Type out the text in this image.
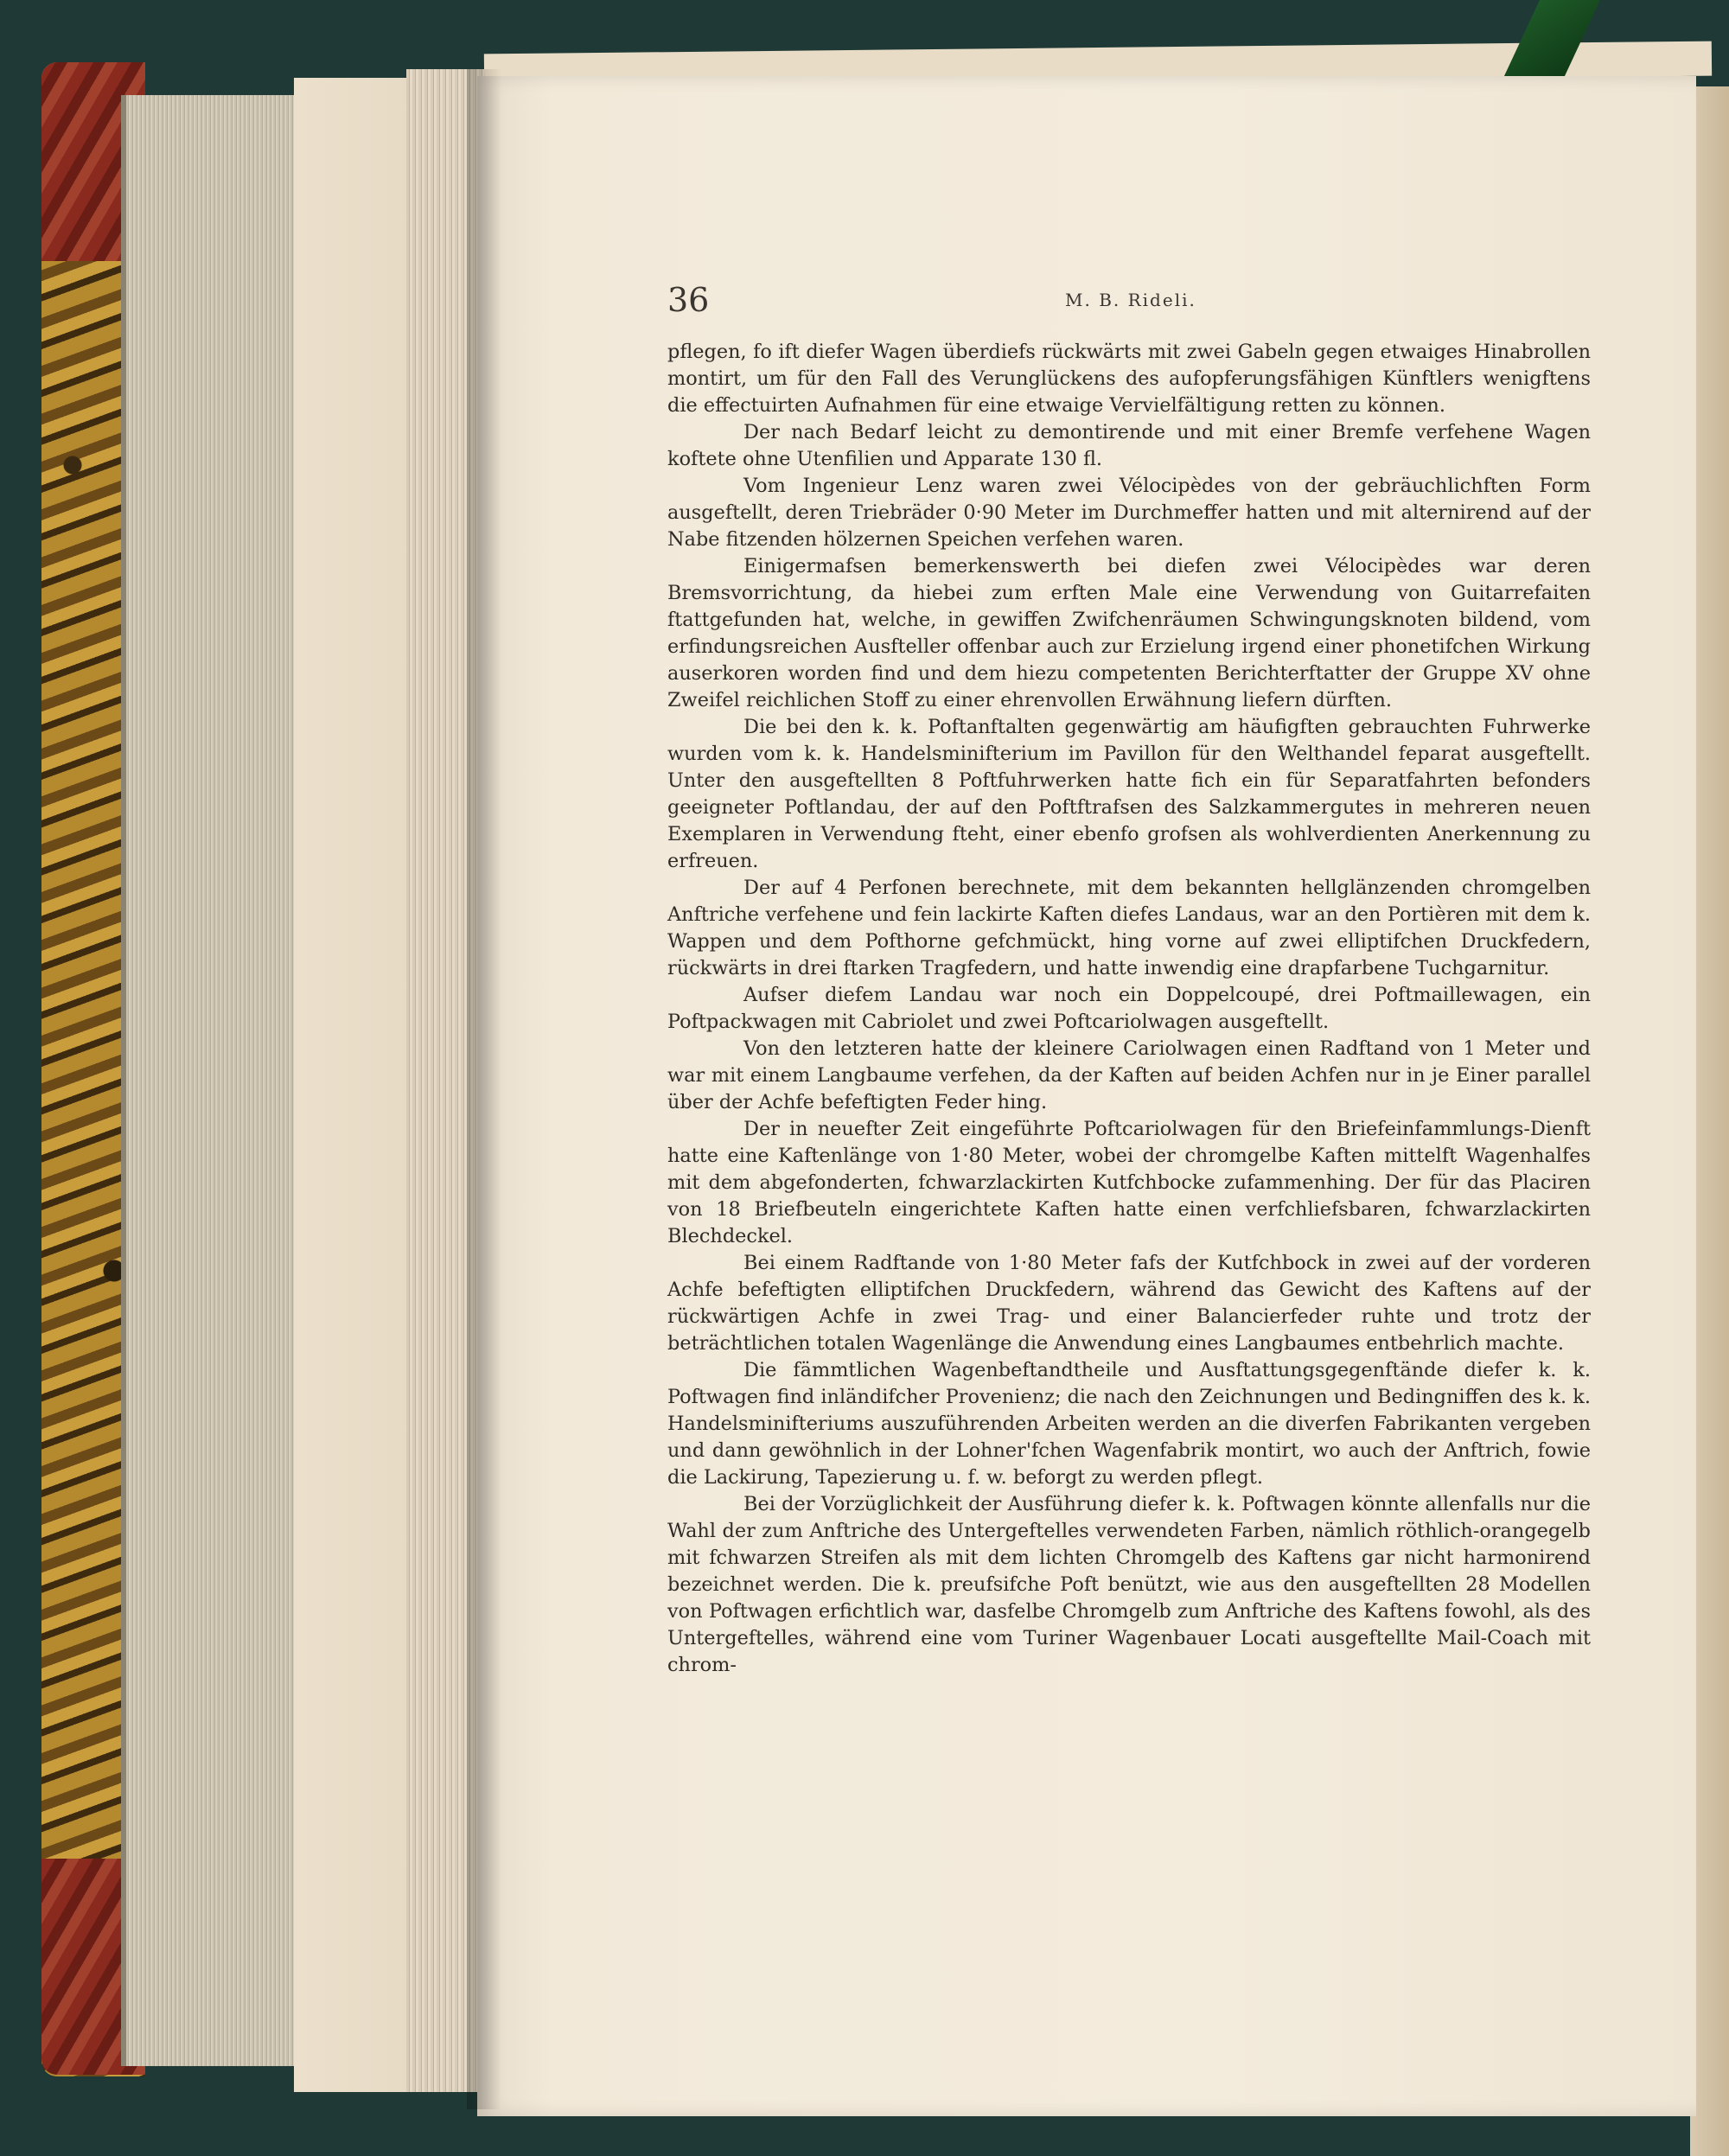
36	M. B. Rideli.

pflegen, fo ift diefer Wagen überdiefs rückwärts mit zwei Gabeln gegen etwaiges Hinabrollen montirt, um für den Fall des Verunglückens des aufopferungsfähigen Künftlers wenigftens die effectuirten Aufnahmen für eine etwaige Vervielfältigung retten zu können.

Der nach Bedarf leicht zu demontirende und mit einer Bremfe verfehene Wagen koftete ohne Utenfilien und Apparate 130 fl.

Vom Ingenieur Lenz waren zwei Vélocipèdes von der gebräuchlichften Form ausgeftellt, deren Triebräder 0·90 Meter im Durchmeffer hatten und mit alternirend auf der Nabe fitzenden hölzernen Speichen verfehen waren.

Einigermafsen bemerkenswerth bei diefen zwei Vélocipèdes war deren Bremsvorrichtung, da hiebei zum erften Male eine Verwendung von Guitarrefaiten ftattgefunden hat, welche, in gewiffen Zwifchenräumen Schwingungsknoten bildend, vom erfindungsreichen Ausfteller offenbar auch zur Erzielung irgend einer phonetifchen Wirkung auserkoren worden find und dem hiezu competenten Berichterftatter der Gruppe XV ohne Zweifel reichlichen Stoff zu einer ehrenvollen Erwähnung liefern dürften.

Die bei den k. k. Poftanftalten gegenwärtig am häufigften gebrauchten Fuhrwerke wurden vom k. k. Handelsminifterium im Pavillon für den Welthandel feparat ausgeftellt. Unter den ausgeftellten 8 Poftfuhrwerken hatte fich ein für Separatfahrten befonders geeigneter Poftlandau, der auf den Poftftrafsen des Salzkammergutes in mehreren neuen Exemplaren in Verwendung fteht, einer ebenfo grofsen als wohlverdienten Anerkennung zu erfreuen.

Der auf 4 Perfonen berechnete, mit dem bekannten hellglänzenden chromgelben Anftriche verfehene und fein lackirte Kaften diefes Landaus, war an den Portièren mit dem k. Wappen und dem Pofthorne gefchmückt, hing vorne auf zwei elliptifchen Druckfedern, rückwärts in drei ftarken Tragfedern, und hatte inwendig eine drapfarbene Tuchgarnitur.

Aufser diefem Landau war noch ein Doppelcoupé, drei Poftmaillewagen, ein Poftpackwagen mit Cabriolet und zwei Poftcariolwagen ausgeftellt.

Von den letzteren hatte der kleinere Cariolwagen einen Radftand von 1 Meter und war mit einem Langbaume verfehen, da der Kaften auf beiden Achfen nur in je Einer parallel über der Achfe befeftigten Feder hing.

Der in neuefter Zeit eingeführte Poftcariolwagen für den Briefeinfammlungs-Dienft hatte eine Kaftenlänge von 1·80 Meter, wobei der chromgelbe Kaften mittelft Wagenhalfes mit dem abgefonderten, fchwarzlackirten Kutfchbocke zufammenhing. Der für das Placiren von 18 Briefbeuteln eingerichtete Kaften hatte einen verfchliefsbaren, fchwarzlackirten Blechdeckel.

Bei einem Radftande von 1·80 Meter fafs der Kutfchbock in zwei auf der vorderen Achfe befeftigten elliptifchen Druckfedern, während das Gewicht des Kaftens auf der rückwärtigen Achfe in zwei Trag- und einer Balancierfeder ruhte und trotz der beträchtlichen totalen Wagenlänge die Anwendung eines Langbaumes entbehrlich machte.

Die fämmtlichen Wagenbeftandtheile und Ausftattungsgegenftände diefer k. k. Poftwagen find inländifcher Provenienz; die nach den Zeichnungen und Bedingniffen des k. k. Handelsminifteriums auszuführenden Arbeiten werden an die diverfen Fabrikanten vergeben und dann gewöhnlich in der Lohner'fchen Wagenfabrik montirt, wo auch der Anftrich, fowie die Lackirung, Tapezierung u. f. w. beforgt zu werden pflegt.

Bei der Vorzüglichkeit der Ausführung diefer k. k. Poftwagen könnte allenfalls nur die Wahl der zum Anftriche des Untergeftelles verwendeten Farben, nämlich röthlich-orangegelb mit fchwarzen Streifen als mit dem lichten Chromgelb des Kaftens gar nicht harmonirend bezeichnet werden. Die k. preufsifche Poft benützt, wie aus den ausgeftellten 28 Modellen von Poftwagen erfichtlich war, dasfelbe Chromgelb zum Anftriche des Kaftens fowohl, als des Untergeftelles, während eine vom Turiner Wagenbauer Locati ausgeftellte Mail-Coach mit chrom-
